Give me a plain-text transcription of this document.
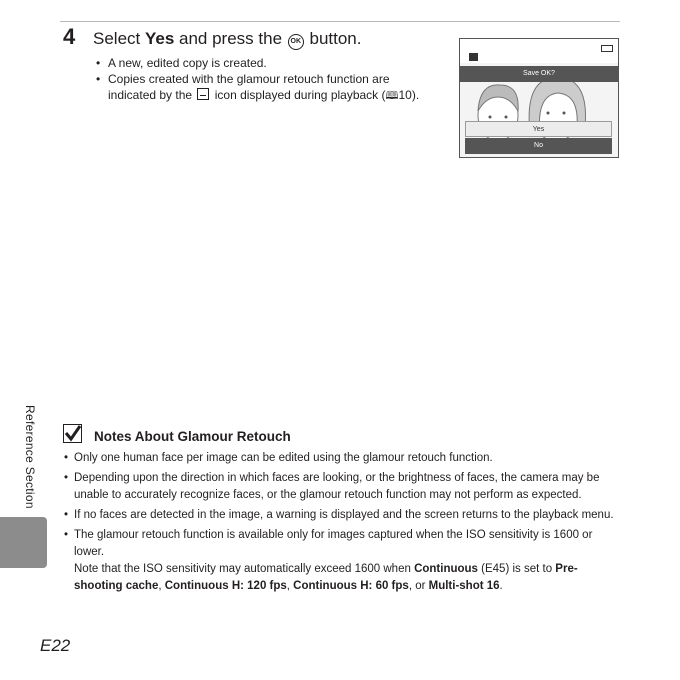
4 Select Yes and press the OK button.
• A new, edited copy is created.
• Copies created with the glamour retouch function are indicated by the  icon displayed during playback (🕮10).
Save OK?
Yes
No
Reference Section	Notes About Glamour Retouch
• Only one human face per image can be edited using the glamour retouch function.
• Depending upon the direction in which faces are looking, or the brightness of faces, the camera may be unable to accurately recognize faces, or the glamour retouch function may not perform as expected.
• If no faces are detected in the image, a warning is displayed and the screen returns to the playback menu.
• The glamour retouch function is available only for images captured when the ISO sensitivity is 1600 or lower.
Note that the ISO sensitivity may automatically exceed 1600 when Continuous (E45) is set to Pre-shooting cache, Continuous H: 120 fps, Continuous H: 60 fps, or Multi-shot 16.
E22
